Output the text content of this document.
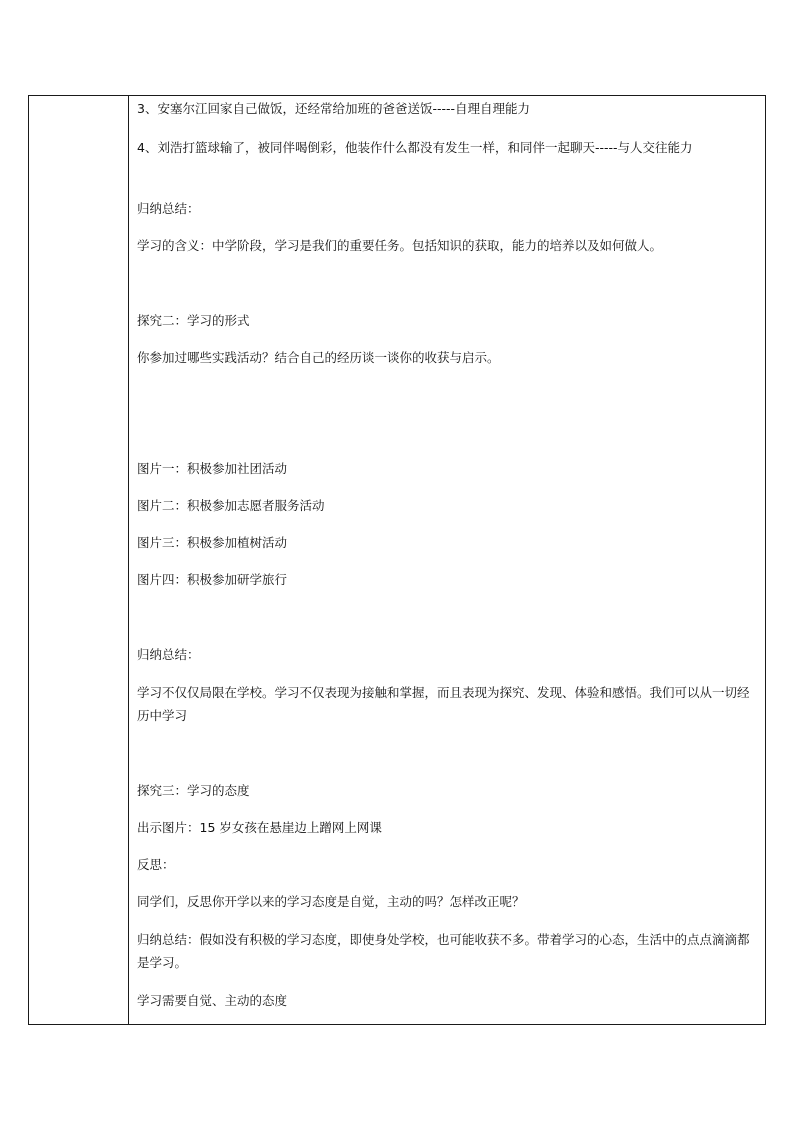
3、安塞尔江回家自己做饭，还经常给加班的爸爸送饭-----自理自理能力
4、刘浩打篮球输了，被同伴喝倒彩，他装作什么都没有发生一样，和同伴一起聊天-----与人交往能力
归纳总结：
学习的含义：中学阶段，学习是我们的重要任务。包括知识的获取，能力的培养以及如何做人。
探究二：学习的形式
你参加过哪些实践活动？结合自己的经历谈一谈你的收获与启示。
图片一：积极参加社团活动
图片二：积极参加志愿者服务活动
图片三：积极参加植树活动
图片四：积极参加研学旅行
归纳总结：
学习不仅仅局限在学校。学习不仅表现为接触和掌握，而且表现为探究、发现、体验和感悟。我们可以从一切经历中学习
探究三：学习的态度
出示图片：15 岁女孩在悬崖边上蹭网上网课
反思：
同学们，反思你开学以来的学习态度是自觉，主动的吗？怎样改正呢？
归纳总结：假如没有积极的学习态度，即使身处学校，也可能收获不多。带着学习的心态，生活中的点点滴滴都是学习。
学习需要自觉、主动的态度
